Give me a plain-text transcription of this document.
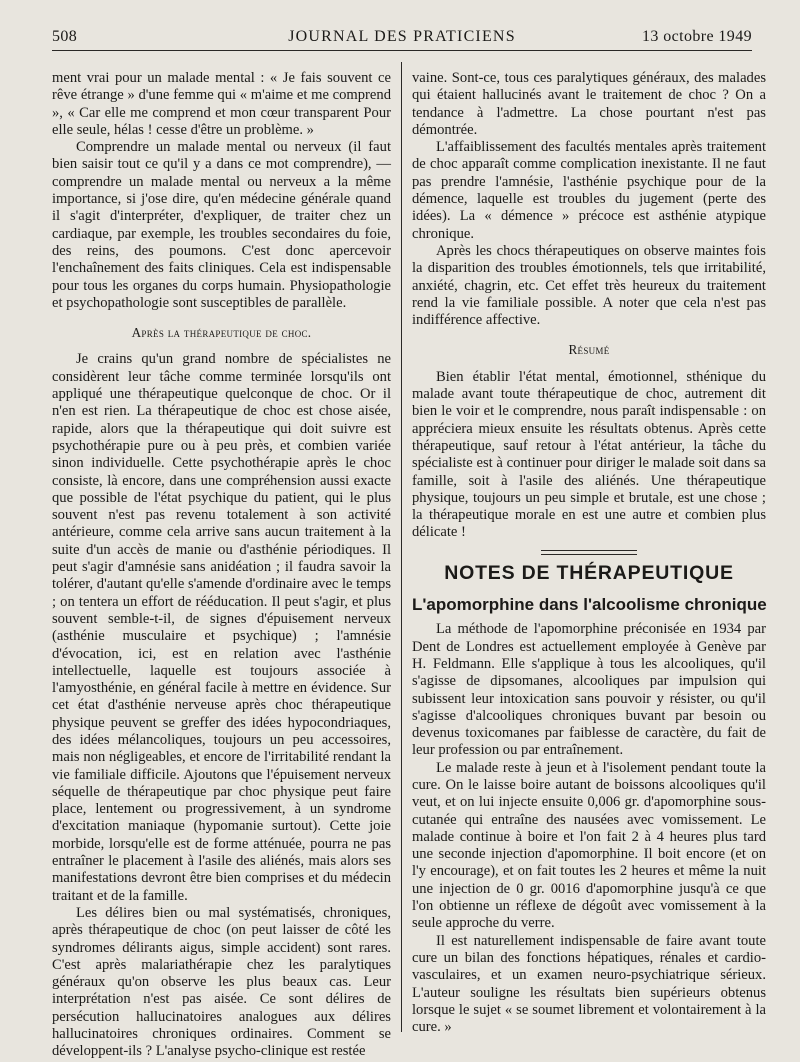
508	JOURNAL DES PRATICIENS	13 octobre 1949

ment vrai pour un malade mental : « Je fais souvent ce rêve étrange » d'une femme qui « m'aime et me comprend », « Car elle me comprend et mon cœur transparent Pour elle seule, hélas ! cesse d'être un problème. »

Comprendre un malade mental ou nerveux (il faut bien saisir tout ce qu'il y a dans ce mot comprendre), — comprendre un malade mental ou nerveux a la même importance, si j'ose dire, qu'en médecine générale quand il s'agit d'interpréter, d'expliquer, de traiter chez un cardiaque, par exemple, les troubles secondaires du foie, des reins, des poumons. C'est donc apercevoir l'enchaînement des faits cliniques. Cela est indispensable pour tous les organes du corps humain. Physiopathologie et psychopathologie sont susceptibles de parallèle.

Après la thérapeutique de choc.

Je crains qu'un grand nombre de spécialistes ne considèrent leur tâche comme terminée lorsqu'ils ont appliqué une thérapeutique quelconque de choc. Or il n'en est rien. La thérapeutique de choc est chose aisée, rapide, alors que la thérapeutique qui doit suivre est psychothérapie pure ou à peu près, et combien variée sinon individuelle. Cette psychothérapie après le choc consiste, là encore, dans une compréhension aussi exacte que possible de l'état psychique du patient, qui le plus souvent n'est pas revenu totalement à son activité antérieure, comme cela arrive sans aucun traitement à la suite d'un accès de manie ou d'asthénie périodiques. Il peut s'agir d'amnésie sans anidéation ; il faudra savoir la tolérer, d'autant qu'elle s'amende d'ordinaire avec le temps ; on tentera un effort de rééducation. Il peut s'agir, et plus souvent semble-t-il, de signes d'épuisement nerveux (asthénie musculaire et psychique) ; l'amnésie d'évocation, ici, est en relation avec l'asthénie intellectuelle, laquelle est toujours associée à l'amyosthénie, en général facile à mettre en évidence. Sur cet état d'asthénie nerveuse après choc thérapeutique physique peuvent se greffer des idées hypocondriaques, des idées mélancoliques, toujours un peu accessoires, mais non négligeables, et encore de l'irritabilité rendant la vie familiale difficile. Ajoutons que l'épuisement nerveux séquelle de thérapeutique par choc physique peut faire place, lentement ou progressivement, à un syndrome d'excitation maniaque (hypomanie surtout). Cette joie morbide, lorsqu'elle est de forme atténuée, pourra ne pas entraîner le placement à l'asile des aliénés, mais alors ses manifestations devront être bien comprises et du médecin traitant et de la famille.

Les délires bien ou mal systématisés, chroniques, après thérapeutique de choc (on peut laisser de côté les syndromes délirants aigus, simple accident) sont rares. C'est après malariathérapie chez les paralytiques généraux qu'on observe les plus beaux cas. Leur interprétation n'est pas aisée. Ce sont délires de persécution hallucinatoires analogues aux délires hallucinatoires chroniques ordinaires. Comment se développent-ils ? L'analyse psycho-clinique est restée

vaine. Sont-ce, tous ces paralytiques généraux, des malades qui étaient hallucinés avant le traitement de choc ? On a tendance à l'admettre. La chose pourtant n'est pas démontrée.

L'affaiblissement des facultés mentales après traitement de choc apparaît comme complication inexistante. Il ne faut pas prendre l'amnésie, l'asthénie psychique pour de la démence, laquelle est troubles du jugement (perte des idées). La « démence » précoce est asthénie atypique chronique.

Après les chocs thérapeutiques on observe maintes fois la disparition des troubles émotionnels, tels que irritabilité, anxiété, chagrin, etc. Cet effet très heureux du traitement rend la vie familiale possible. A noter que cela n'est pas indifférence affective.

Résumé

Bien établir l'état mental, émotionnel, sthénique du malade avant toute thérapeutique de choc, autrement dit bien le voir et le comprendre, nous paraît indispensable : on appréciera mieux ensuite les résultats obtenus. Après cette thérapeutique, sauf retour à l'état antérieur, la tâche du spécialiste est à continuer pour diriger le malade soit dans sa famille, soit à l'asile des aliénés. Une thérapeutique physique, toujours un peu simple et brutale, est une chose ; la thérapeutique morale en est une autre et combien plus délicate !

NOTES DE THÉRAPEUTIQUE
L'apomorphine dans l'alcoolisme chronique

La méthode de l'apomorphine préconisée en 1934 par Dent de Londres est actuellement employée à Genève par H. Feldmann. Elle s'applique à tous les alcooliques, qu'il s'agisse de dipsomanes, alcooliques par impulsion qui subissent leur intoxication sans pouvoir y résister, ou qu'il s'agisse d'alcooliques chroniques buvant par besoin ou devenus toxicomanes par faiblesse de caractère, du fait de leur profession ou par entraînement.

Le malade reste à jeun et à l'isolement pendant toute la cure. On le laisse boire autant de boissons alcooliques qu'il veut, et on lui injecte ensuite 0,006 gr. d'apomorphine sous-cutanée qui entraîne des nausées avec vomissement. Le malade continue à boire et l'on fait 2 à 4 heures plus tard une seconde injection d'apomorphine. Il boit encore (et on l'y encourage), et on fait toutes les 2 heures et même la nuit une injection de 0 gr. 0016 d'apomorphine jusqu'à ce que l'on obtienne un réflexe de dégoût avec vomissement à la seule approche du verre.

Il est naturellement indispensable de faire avant toute cure un bilan des fonctions hépatiques, rénales et cardio-vasculaires, et un examen neuro-psychiatrique sérieux. L'auteur souligne les résultats bien supérieurs obtenus lorsque le sujet « se soumet librement et volontairement à la cure. »
